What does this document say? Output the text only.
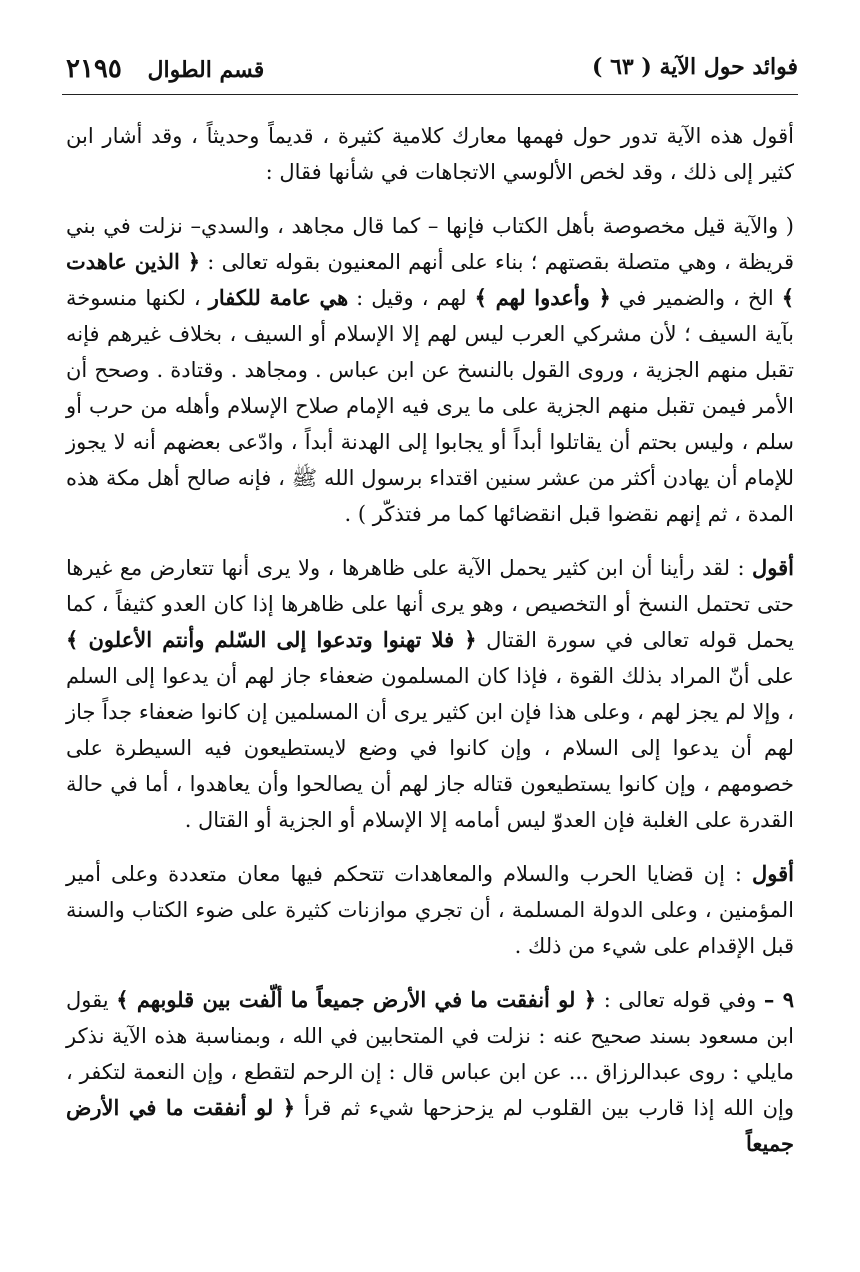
فوائد حول الآية ( ٦٣ )
قسم الطوال ٢١٩٥

أقول هذه الآية تدور حول فهمها معارك كلامية كثيرة ، قديماً وحديثاً ، وقد أشار ابن كثير إلى ذلك ، وقد لخص الألوسي الاتجاهات في شأنها فقال :

( والآية قيل مخصوصة بأهل الكتاب فإنها – كما قال مجاهد ، والسدي– نزلت في بني قريظة ، وهي متصلة بقصتهم ؛ بناء على أنهم المعنيون بقوله تعالى : ﴿ الذين عاهدت ﴾ الخ ، والضمير في ﴿ وأعدوا لهم ﴾ لهم ، وقيل : هي عامة للكفار ، لكنها منسوخة بآية السيف ؛ لأن مشركي العرب ليس لهم إلا الإسلام أو السيف ، بخلاف غيرهم فإنه تقبل منهم الجزية ، وروى القول بالنسخ عن ابن عباس . ومجاهد . وقتادة . وصحح أن الأمر فيمن تقبل منهم الجزية على ما يرى فيه الإمام صلاح الإسلام وأهله من حرب أو سلم ، وليس بحتم أن يقاتلوا أبداً أو يجابوا إلى الهدنة أبداً ، وادّعى بعضهم أنه لا يجوز للإمام أن يهادن أكثر من عشر سنين اقتداء برسول الله ﷺ ، فإنه صالح أهل مكة هذه المدة ، ثم إنهم نقضوا قبل انقضائها كما مر فتذكّر ) .

أقول : لقد رأينا أن ابن كثير يحمل الآية على ظاهرها ، ولا يرى أنها تتعارض مع غيرها حتى تحتمل النسخ أو التخصيص ، وهو يرى أنها على ظاهرها إذا كان العدو كثيفاً ، كما يحمل قوله تعالى في سورة القتال ﴿ فلا تهنوا وتدعوا إلى السّلم وأنتم الأعلون ﴾ على أنّ المراد بذلك القوة ، فإذا كان المسلمون ضعفاء جاز لهم أن يدعوا إلى السلم ، وإلا لم يجز لهم ، وعلى هذا فإن ابن كثير يرى أن المسلمين إن كانوا ضعفاء جداً جاز لهم أن يدعوا إلى السلام ، وإن كانوا في وضع لايستطيعون فيه السيطرة على خصومهم ، وإن كانوا يستطيعون قتاله جاز لهم أن يصالحوا وأن يعاهدوا ، أما في حالة القدرة على الغلبة فإن العدوّ ليس أمامه إلا الإسلام أو الجزية أو القتال .

أقول : إن قضايا الحرب والسلام والمعاهدات تتحكم فيها معان متعددة وعلى أمير المؤمنين ، وعلى الدولة المسلمة ، أن تجري موازنات كثيرة على ضوء الكتاب والسنة قبل الإقدام على شيء من ذلك .

٩ – وفي قوله تعالى : ﴿ لو أنفقت ما في الأرض جميعاً ما ألّفت بين قلوبهم ﴾ يقول ابن مسعود بسند صحيح عنه : نزلت في المتحابين في الله ، وبمناسبة هذه الآية نذكر مايلي : روى عبدالرزاق ... عن ابن عباس قال : إن الرحم لتقطع ، وإن النعمة لتكفر ، وإن الله إذا قارب بين القلوب لم يزحزحها شيء ثم قرأ ﴿ لو أنفقت ما في الأرض جميعاً
